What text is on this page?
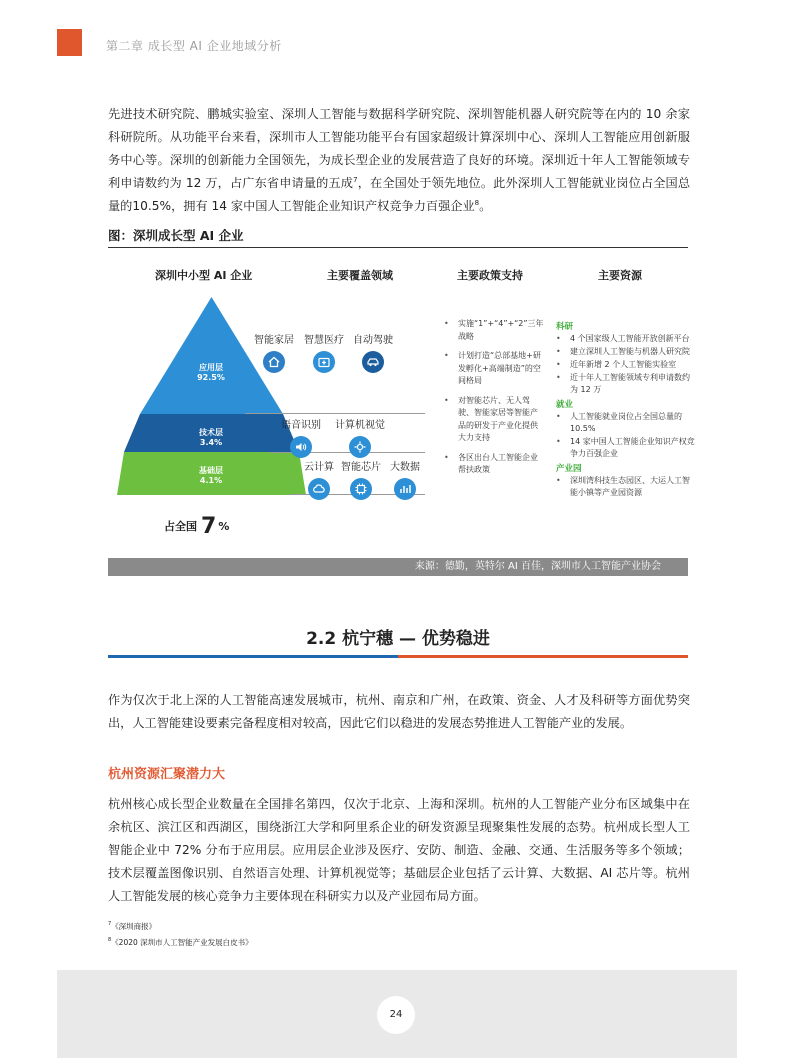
第二章 成长型 AI 企业地域分析

先进技术研究院、鹏城实验室、深圳人工智能与数据科学研究院、深圳智能机器人研究院等在内的 10 余家科研院所。从功能平台来看，深圳市人工智能功能平台有国家超级计算深圳中心、深圳人工智能应用创新服务中心等。深圳的创新能力全国领先，为成长型企业的发展营造了良好的环境。深圳近十年人工智能领域专利申请数约为 12 万，占广东省申请量的五成$^7$，在全国处于领先地位。此外深圳人工智能就业岗位占全国总量的10.5%，拥有 14 家中国人工智能企业知识产权竞争力百强企业$^8$。

图：深圳成长型 AI 企业
深圳中小型 AI 企业	主要覆盖领域	主要政策支持	主要资源
应用层
92.5%
技术层
3.4%
基础层
4.1%
智能家居 智慧医疗 自动驾驶
语音识别 计算机视觉
云计算 智能芯片 大数据
占全国 7 %
• 实施“1”+“4”+“2”三年战略
• 计划打造“总部基地+研发孵化+高端制造”的空间格局
• 对智能芯片、无人驾驶、智能家居等智能产品的研发于产业化提供大力支持
• 各区出台人工智能企业帮扶政策
科研
• 4 个国家级人工智能开放创新平台
• 建立深圳人工智能与机器人研究院
• 近年新增 2 个人工智能实验室
• 近十年人工智能领域专利申请数约为 12 万
就业
• 人工智能就业岗位占全国总量的 10.5%
• 14 家中国人工智能企业知识产权竞争力百强企业
产业园
• 深圳湾科技生态园区、大运人工智能小镇等产业园资源
来源：德勤，英特尔 AI 百佳，深圳市人工智能产业协会
2.2 杭宁穗 — 优势稳进

作为仅次于北上深的人工智能高速发展城市，杭州、南京和广州，在政策、资金、人才及科研等方面优势突出，人工智能建设要素完备程度相对较高，因此它们以稳进的发展态势推进人工智能产业的发展。

杭州资源汇聚潜力大

杭州核心成长型企业数量在全国排名第四，仅次于北京、上海和深圳。杭州的人工智能产业分布区域集中在余杭区、滨江区和西湖区，围绕浙江大学和阿里系企业的研发资源呈现聚集性发展的态势。杭州成长型人工智能企业中 72% 分布于应用层。应用层企业涉及医疗、安防、制造、金融、交通、生活服务等多个领域；技术层覆盖图像识别、自然语言处理、计算机视觉等；基础层企业包括了云计算、大数据、AI 芯片等。杭州人工智能发展的核心竞争力主要体现在科研实力以及产业园布局方面。

$^7$《深圳商报》
$^8$《2020 深圳市人工智能产业发展白皮书》
24
